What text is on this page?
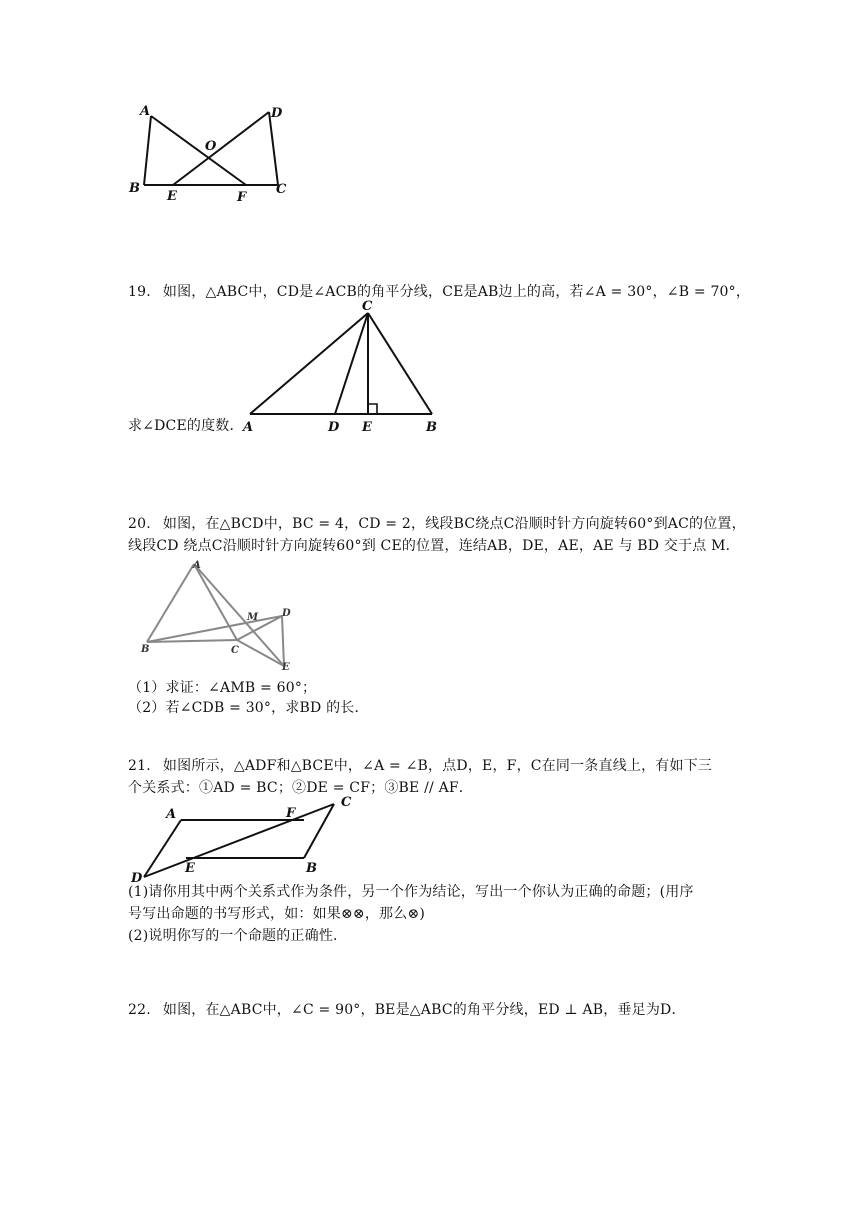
A
B	C
D
E	F
O
19. 如图，△ABC中，CD是∠ACB的角平分线，CE是AB边上的高，若∠A = 30°，∠B = 70°，
C
A	D E	B
求∠DCE的度数．
20. 如图，在△BCD中，BC = 4，CD = 2，线段BC绕点C沿顺时针方向旋转60°到AC的位置，
线段CD 绕点C沿顺时针方向旋转60°到 CE的位置，连结AB，DE，AE，AE 与 BD 交于点 M．
A
B	C
D
E
M
（1）求证：∠AMB = 60°；
（2）若∠CDB = 30°，求BD 的长．
21. 如图所示，△ADF和△BCE中，∠A = ∠B，点D，E，F，C在同一条直线上，有如下三
个关系式：①AD = BC；②DE = CF；③BE // AF．
A	F
C
D
E	B
(1)请你用其中两个关系式作为条件，另一个作为结论，写出一个你认为正确的命题；(用序
号写出命题的书写形式，如：如果⊗⊗，那么⊗)
(2)说明你写的一个命题的正确性．
22. 如图，在△ABC中，∠C = 90°，BE是△ABC的角平分线，ED ⊥ AB，垂足为D．
